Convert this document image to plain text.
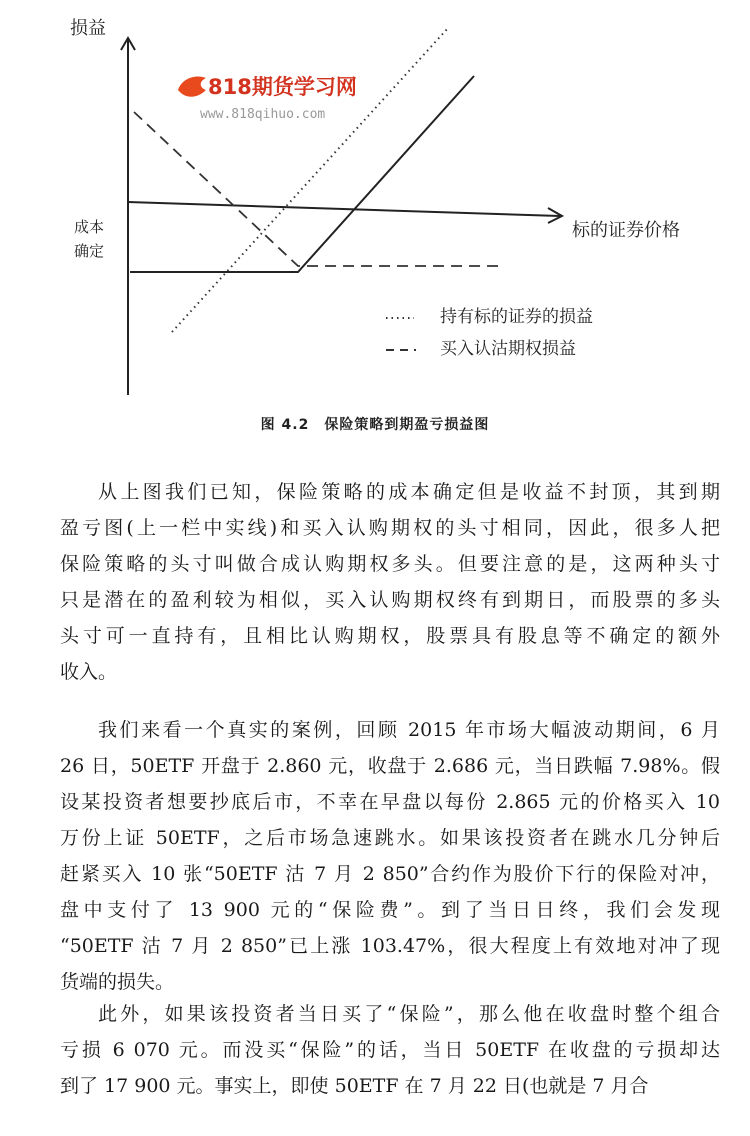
818期货学习网
www.818qihuo.com
损益
标的证券价格
成本
确定
持有标的证券的损益
买入认沽期权损益
图 4.2　保险策略到期盈亏损益图
从上图我们已知，保险策略的成本确定但是收益不封顶，其到期
盈亏图(上一栏中实线)和买入认购期权的头寸相同，因此，很多人把
保险策略的头寸叫做合成认购期权多头。但要注意的是，这两种头寸
只是潜在的盈利较为相似，买入认购期权终有到期日，而股票的多头
头寸可一直持有，且相比认购期权，股票具有股息等不确定的额外
收入。
我们来看一个真实的案例，回顾 2015 年市场大幅波动期间，6 月
26 日，50ETF 开盘于 2.860 元，收盘于 2.686 元，当日跌幅 7.98%。假
设某投资者想要抄底后市，不幸在早盘以每份 2.865 元的价格买入 10
万份上证 50ETF，之后市场急速跳水。如果该投资者在跳水几分钟后
赶紧买入 10 张“50ETF 沽 7 月 2 850”合约作为股价下行的保险对冲，
盘中支付了 13 900 元的“保险费”。到了当日日终，我们会发现
“50ETF 沽 7 月 2 850”已上涨 103.47%，很大程度上有效地对冲了现
货端的损失。
此外，如果该投资者当日买了“保险”，那么他在收盘时整个组合
亏损 6 070 元。而没买“保险”的话，当日 50ETF 在收盘的亏损却达
到了 17 900 元。事实上，即使 50ETF 在 7 月 22 日(也就是 7 月合
